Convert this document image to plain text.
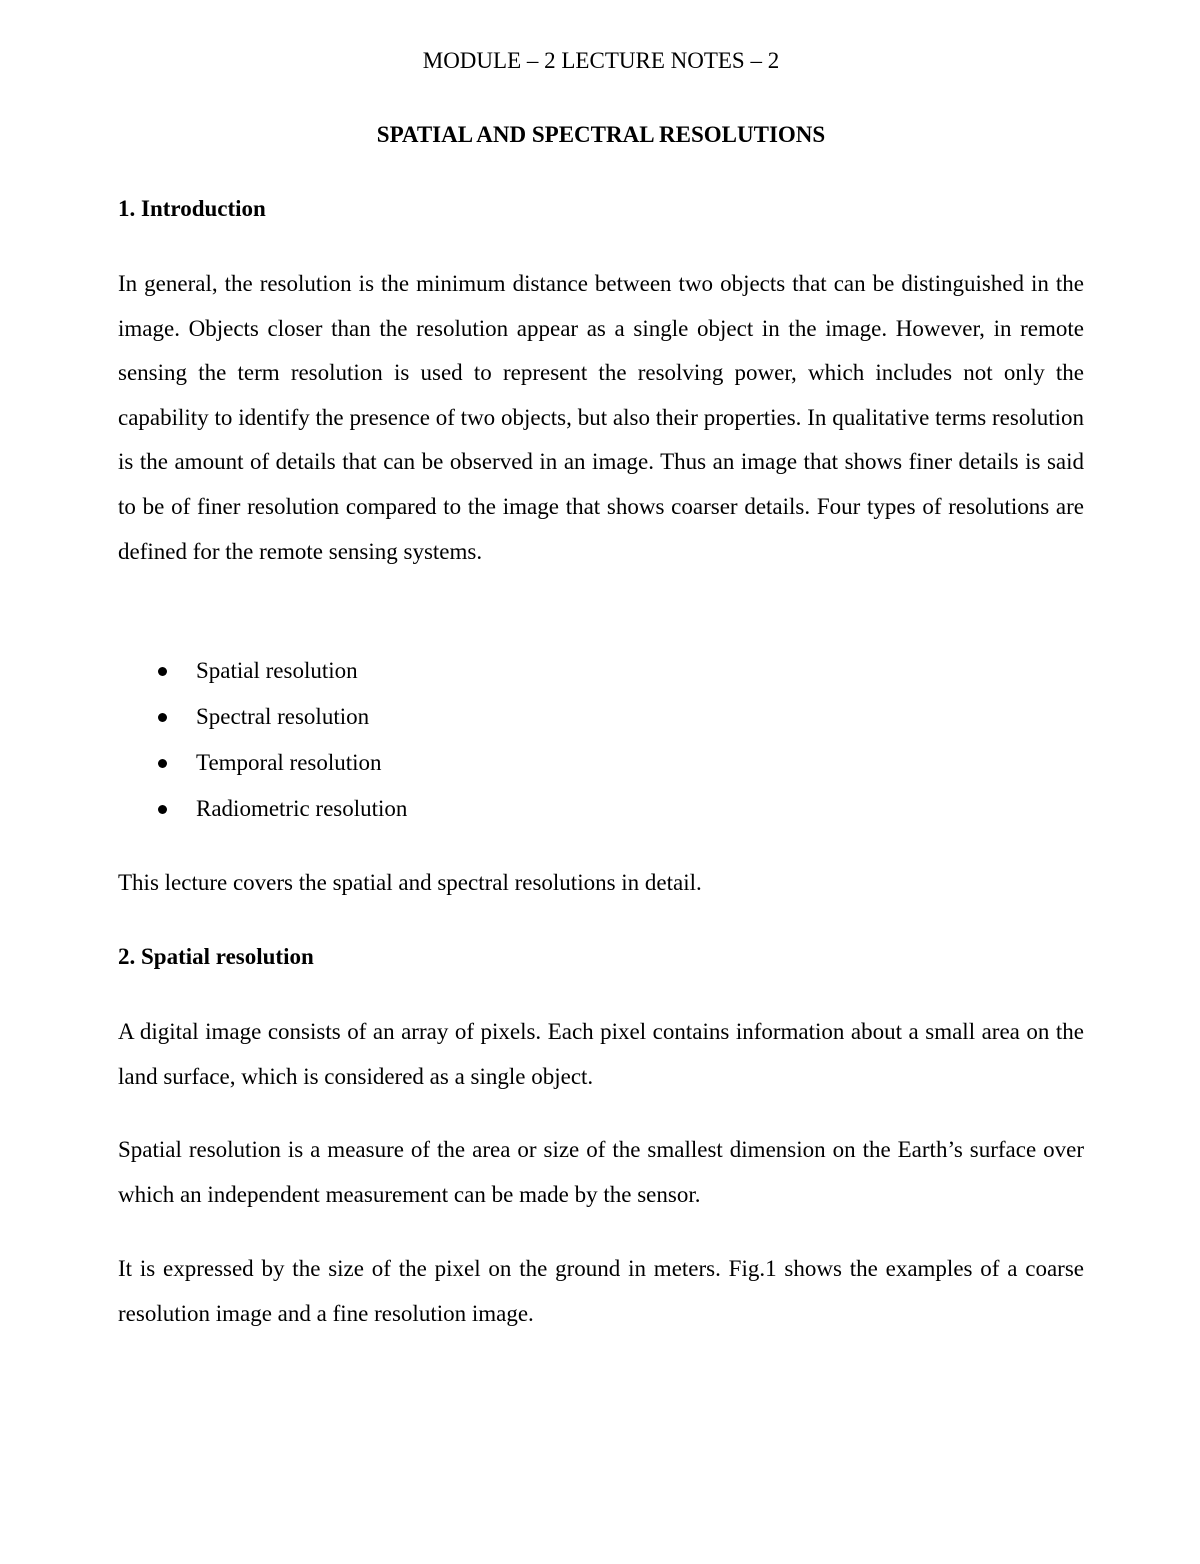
MODULE – 2 LECTURE NOTES – 2
SPATIAL AND SPECTRAL RESOLUTIONS
1. Introduction

In general, the resolution is the minimum distance between two objects that can be distinguished in the image. Objects closer than the resolution appear as a single object in the image. However, in remote sensing the term resolution is used to represent the resolving power, which includes not only the capability to identify the presence of two objects, but also their properties. In qualitative terms resolution is the amount of details that can be observed in an image. Thus an image that shows finer details is said to be of finer resolution compared to the image that shows coarser details. Four types of resolutions are defined for the remote sensing systems.

Spatial resolution
Spectral resolution
Temporal resolution
Radiometric resolution

This lecture covers the spatial and spectral resolutions in detail.

2. Spatial resolution

A digital image consists of an array of pixels. Each pixel contains information about a small area on the land surface, which is considered as a single object.

Spatial resolution is a measure of the area or size of the smallest dimension on the Earth’s surface over which an independent measurement can be made by the sensor.

It is expressed by the size of the pixel on the ground in meters. Fig.1 shows the examples of a coarse resolution image and a fine resolution image.
